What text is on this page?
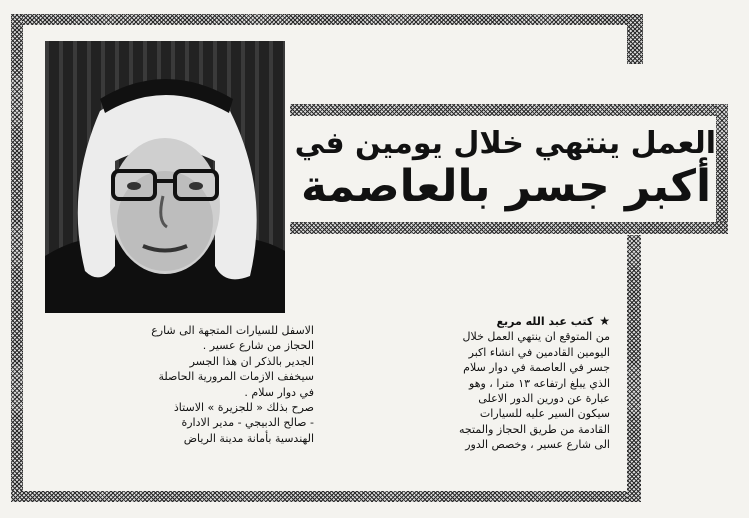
العمل ينتهي خلال يومين في
أكبر جسر بالعاصمة
★كتب عبد الله مريع
من المتوقع ان ينتهي العمل خلال
اليومين القادمين في انشاء اكبر
جسر في العاصمة في دوار سلام
الذي يبلغ ارتفاعه ١٣ مترا ، وهو
عبارة عن دورين الدور الاعلى
سيكون السير عليه للسيارات
القادمة من طريق الحجاز والمتجه
الى شارع عسير ، وخصص الدور
الاسفل للسيارات المتجهة الى شارع
الحجاز من شارع عسير .
الجدير بالذكر ان هذا الجسر
سيخفف الازمات المرورية الحاصلة
في دوار سلام .
صرح بذلك « للجزيرة » الاستاذ
- صالح الدبيجي - مدير الادارة
الهندسية بأمانة مدينة الرياض
